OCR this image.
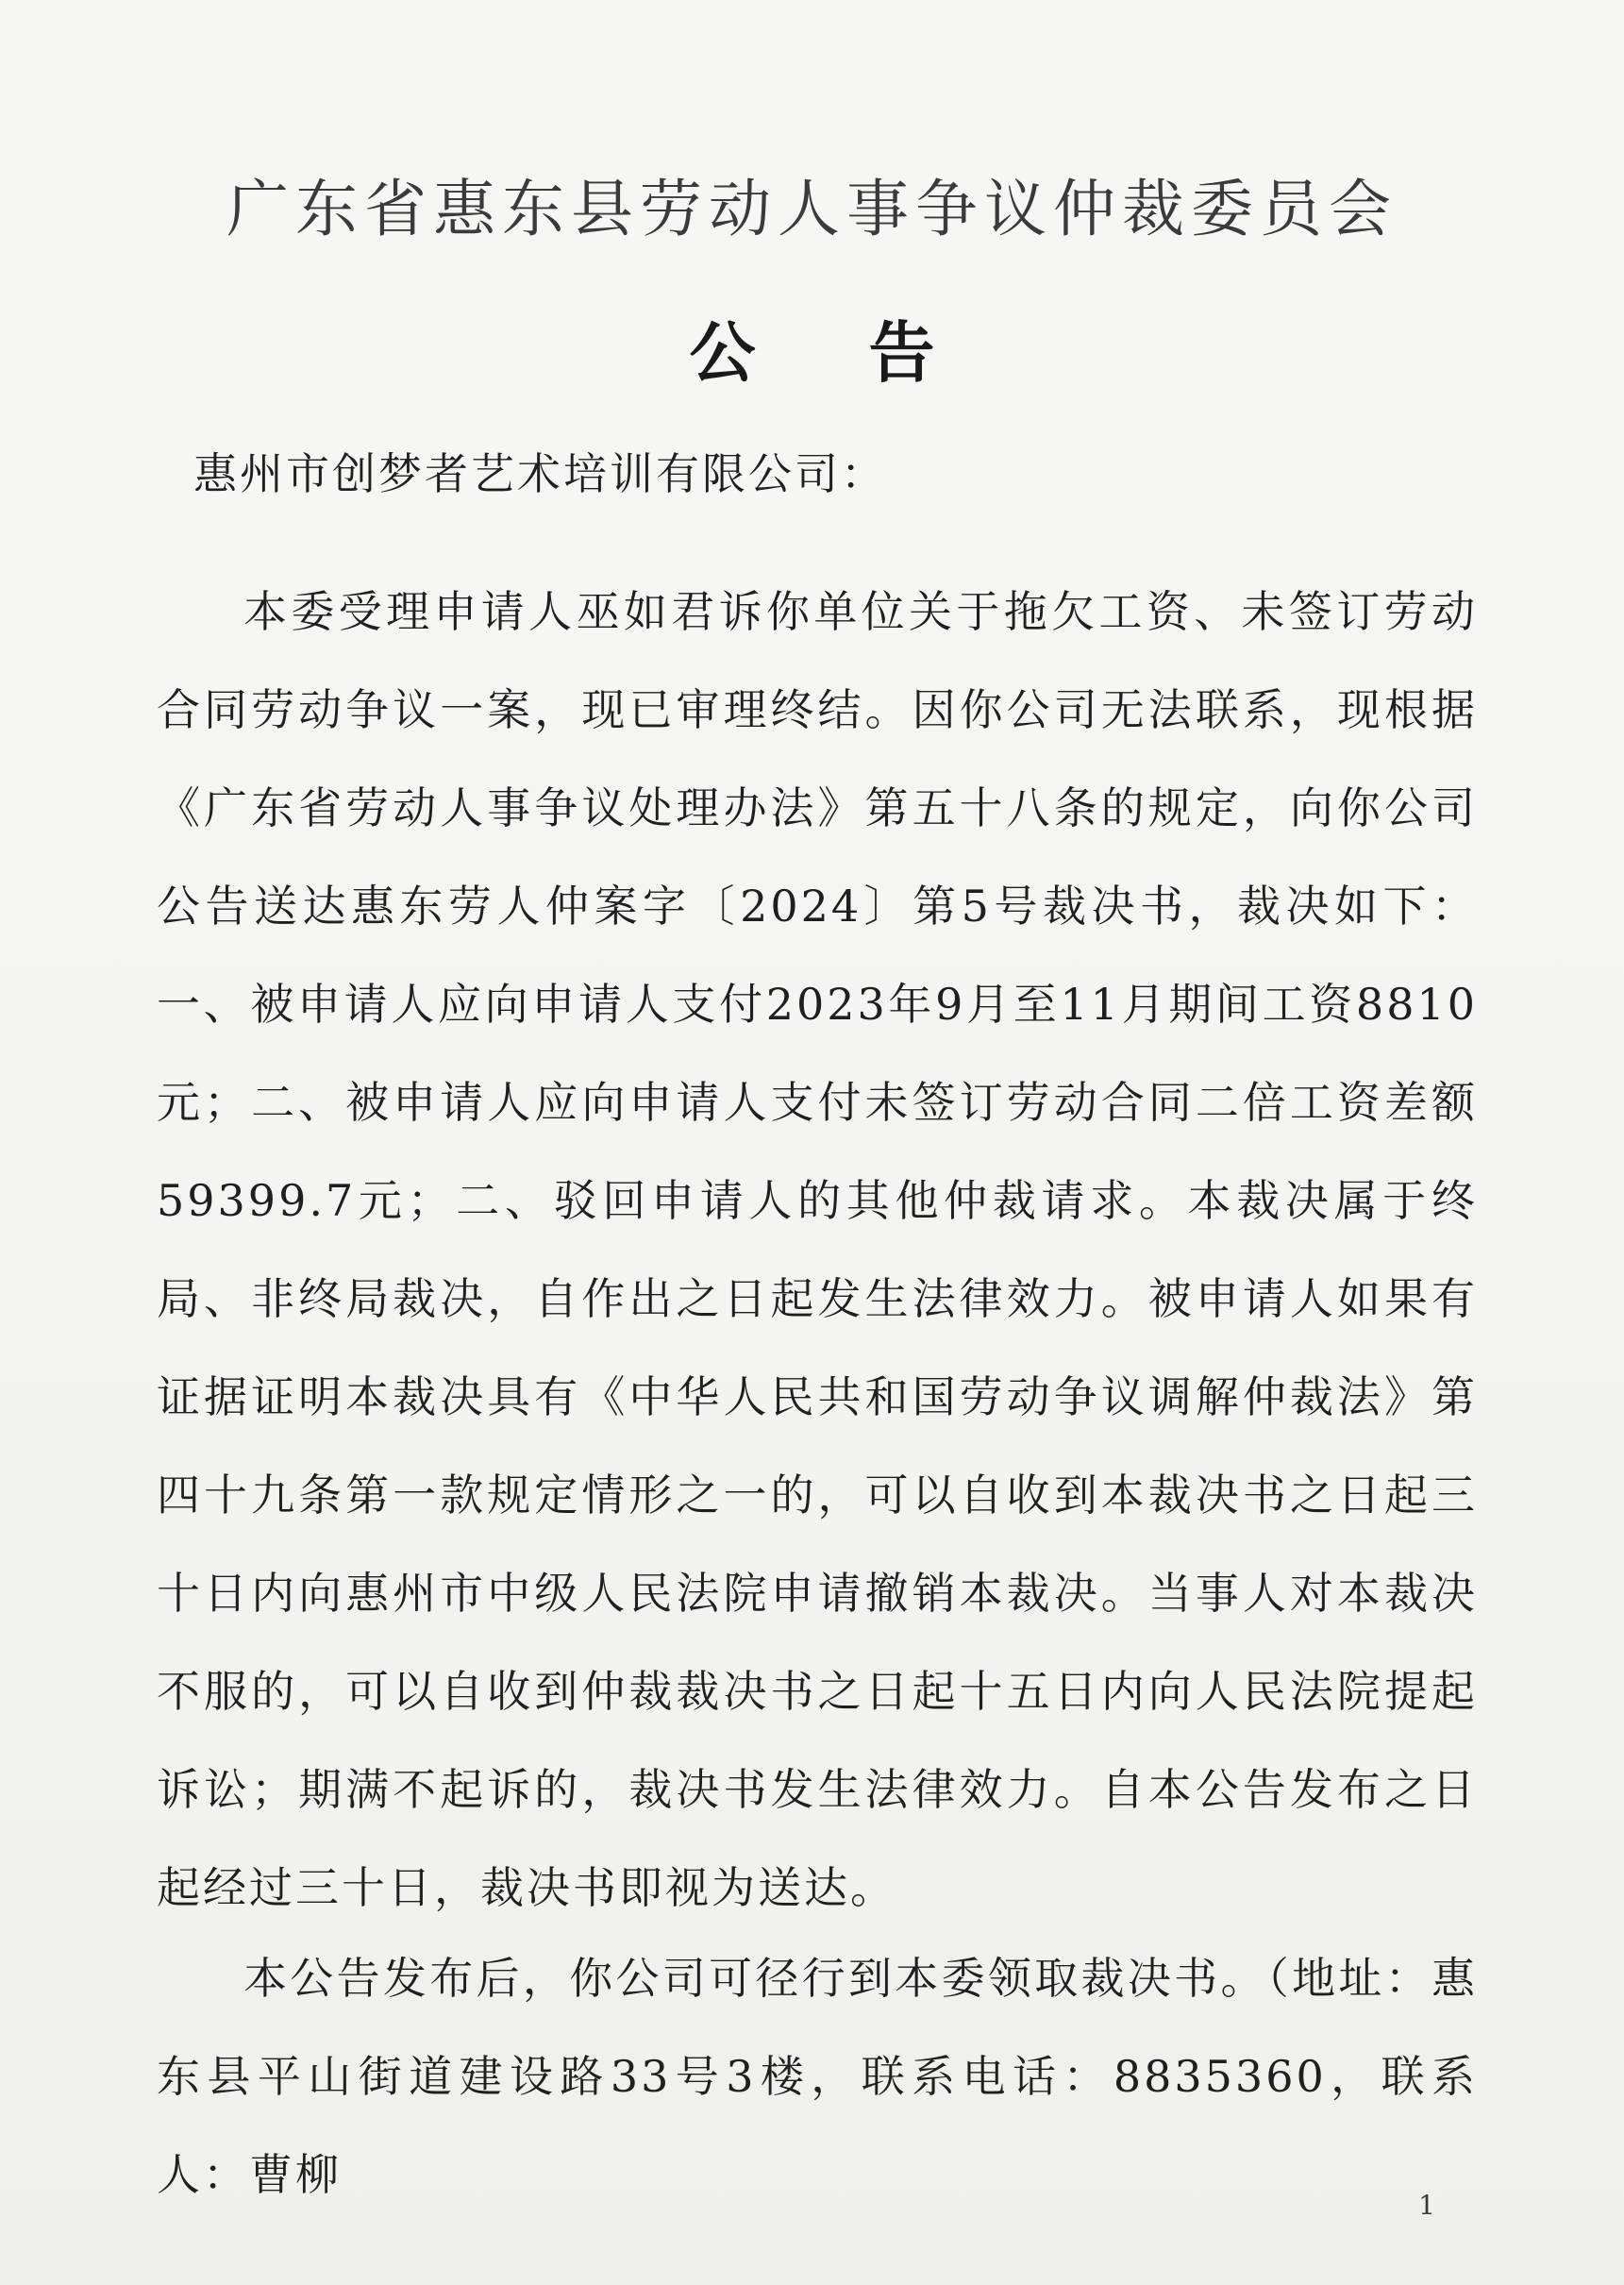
广东省惠东县劳动人事争议仲裁委员会
公告
惠州市创梦者艺术培训有限公司：

本委受理申请人巫如君诉你单位关于拖欠工资、未签订劳动合同劳动争议一案，现已审理终结。因你公司无法联系，现根据《广东省劳动人事争议处理办法》第五十八条的规定，向你公司公告送达惠东劳人仲案字〔2024〕第5号裁决书，裁决如下：一、被申请人应向申请人支付2023年9月至11月期间工资8810元；二、被申请人应向申请人支付未签订劳动合同二倍工资差额59399.7元；二、驳回申请人的其他仲裁请求。本裁决属于终局、非终局裁决，自作出之日起发生法律效力。被申请人如果有证据证明本裁决具有《中华人民共和国劳动争议调解仲裁法》第四十九条第一款规定情形之一的，可以自收到本裁决书之日起三十日内向惠州市中级人民法院申请撤销本裁决。当事人对本裁决不服的，可以自收到仲裁裁决书之日起十五日内向人民法院提起诉讼；期满不起诉的，裁决书发生法律效力。自本公告发布之日起经过三十日，裁决书即视为送达。

本公告发布后，你公司可径行到本委领取裁决书。（地址：惠东县平山街道建设路33号3楼，联系电话：8835360，联系人：曹柳

1
